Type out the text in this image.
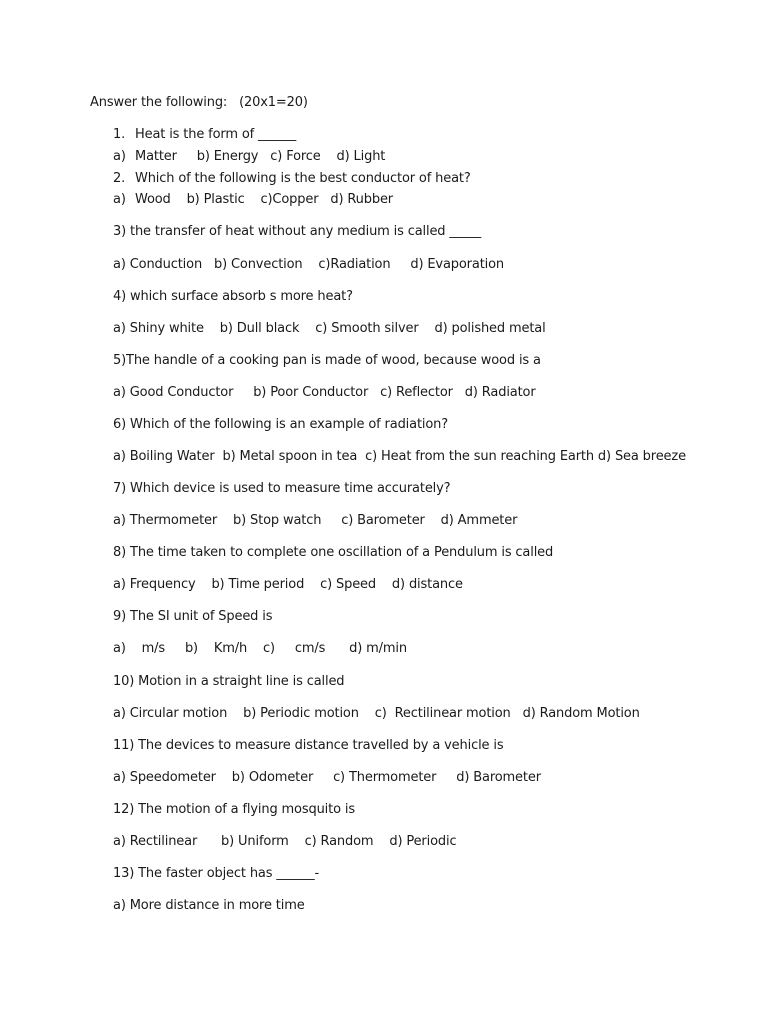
Answer the following:   (20x1=20)
1. Heat is the form of ______
a) Matter     b) Energy   c) Force    d) Light
2. Which of the following is the best conductor of heat?
a) Wood    b) Plastic    c)Copper   d) Rubber
3) the transfer of heat without any medium is called _____
a) Conduction   b) Convection    c)Radiation     d) Evaporation
4) which surface absorb s more heat?
a) Shiny white    b) Dull black    c) Smooth silver    d) polished metal
5)The handle of a cooking pan is made of wood, because wood is a
a) Good Conductor     b) Poor Conductor   c) Reflector   d) Radiator
6) Which of the following is an example of radiation?
a) Boiling Water  b) Metal spoon in tea  c) Heat from the sun reaching Earth d) Sea breeze
7) Which device is used to measure time accurately?
a) Thermometer    b) Stop watch     c) Barometer    d) Ammeter
8) The time taken to complete one oscillation of a Pendulum is called
a) Frequency    b) Time period    c) Speed    d) distance
9) The SI unit of Speed is
a)    m/s     b)    Km/h    c)     cm/s      d) m/min
10) Motion in a straight line is called
a) Circular motion    b) Periodic motion    c)  Rectilinear motion   d) Random Motion
11) The devices to measure distance travelled by a vehicle is
a) Speedometer    b) Odometer     c) Thermometer     d) Barometer
12) The motion of a flying mosquito is
a) Rectilinear      b) Uniform    c) Random    d) Periodic
13) The faster object has ______-
a) More distance in more time
